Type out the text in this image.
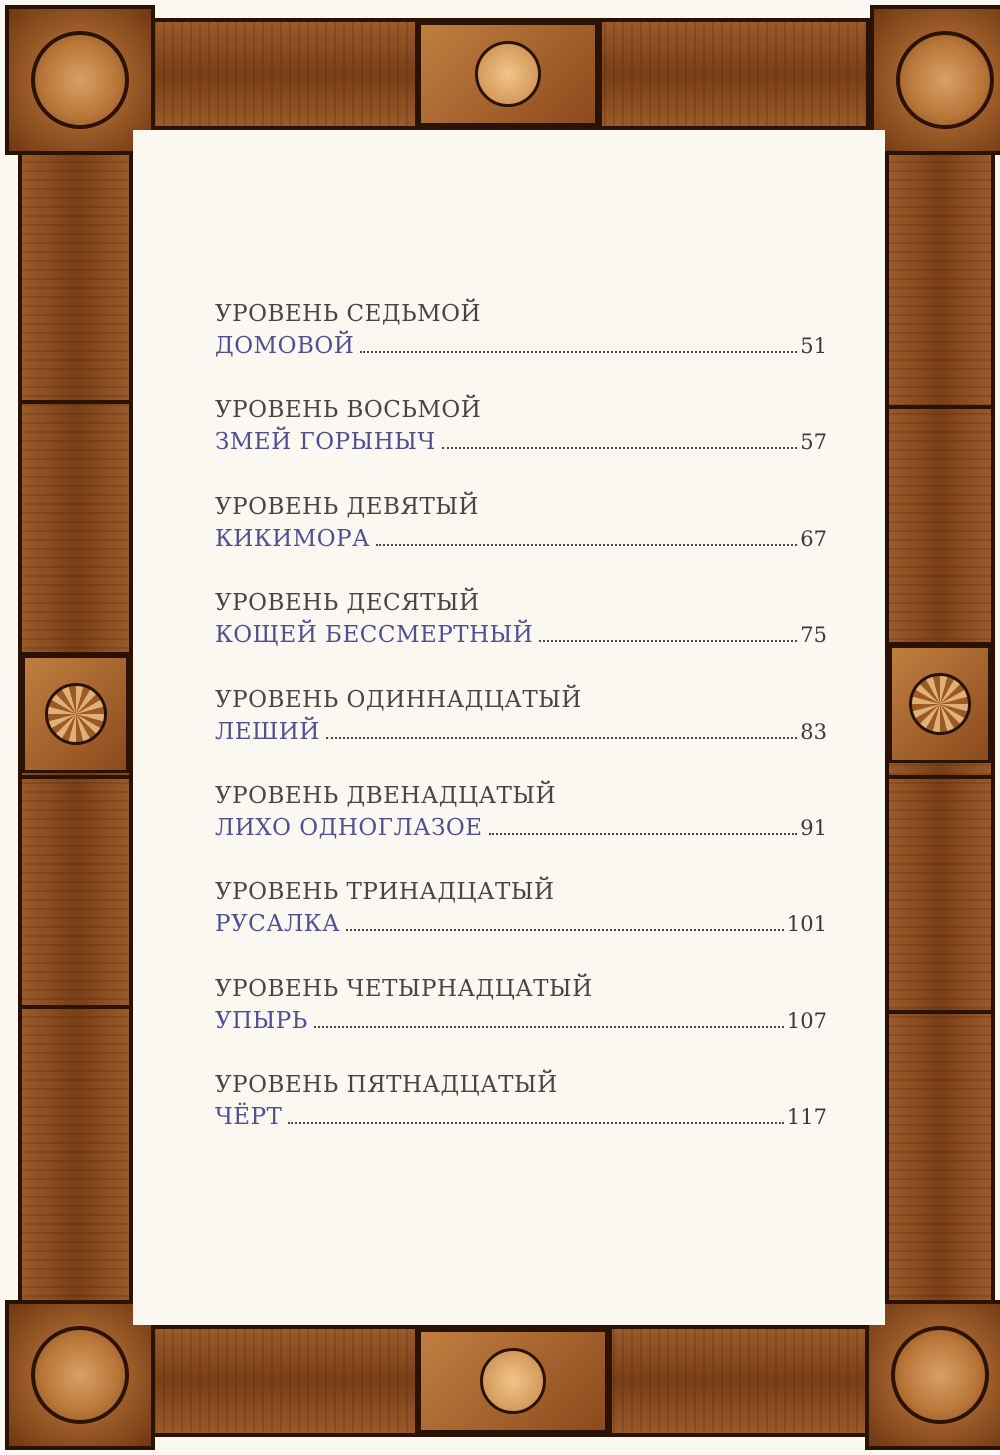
УРОВЕНЬ СЕДЬМОЙ
ДОМОВОЙ	51
УРОВЕНЬ ВОСЬМОЙ
ЗМЕЙ ГОРЫНЫЧ	57
УРОВЕНЬ ДЕВЯТЫЙ
КИКИМОРА	67
УРОВЕНЬ ДЕСЯТЫЙ
КОЩЕЙ БЕССМЕРТНЫЙ	75
УРОВЕНЬ ОДИННАДЦАТЫЙ
ЛЕШИЙ	83
УРОВЕНЬ ДВЕНАДЦАТЫЙ
ЛИХО ОДНОГЛАЗОЕ	91
УРОВЕНЬ ТРИНАДЦАТЫЙ
РУСАЛКА	101
УРОВЕНЬ ЧЕТЫРНАДЦАТЫЙ
УПЫРЬ	107
УРОВЕНЬ ПЯТНАДЦАТЫЙ
ЧЁРТ	117
